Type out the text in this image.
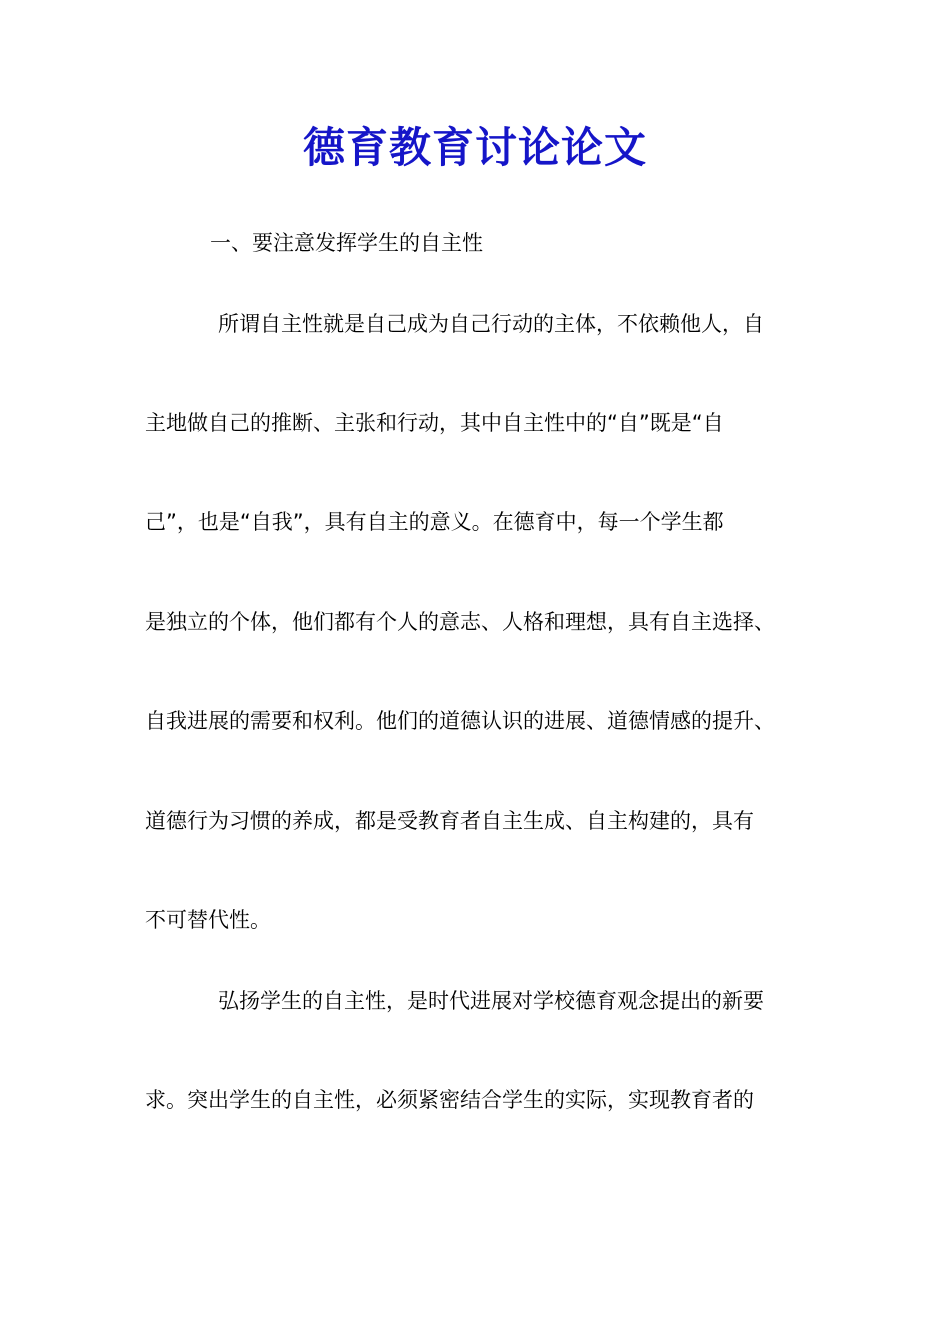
德育教育讨论论文

一、要注意发挥学生的自主性

所谓自主性就是自己成为自己行动的主体，不依赖他人，自

主地做自己的推断、主张和行动，其中自主性中的“自”既是“自

己”，也是“自我”，具有自主的意义。在德育中，每一个学生都

是独立的个体，他们都有个人的意志、人格和理想，具有自主选择、

自我进展的需要和权利。他们的道德认识的进展、道德情感的提升、

道德行为习惯的养成，都是受教育者自主生成、自主构建的，具有

不可替代性。

弘扬学生的自主性，是时代进展对学校德育观念提出的新要

求。突出学生的自主性，必须紧密结合学生的实际，实现教育者的
